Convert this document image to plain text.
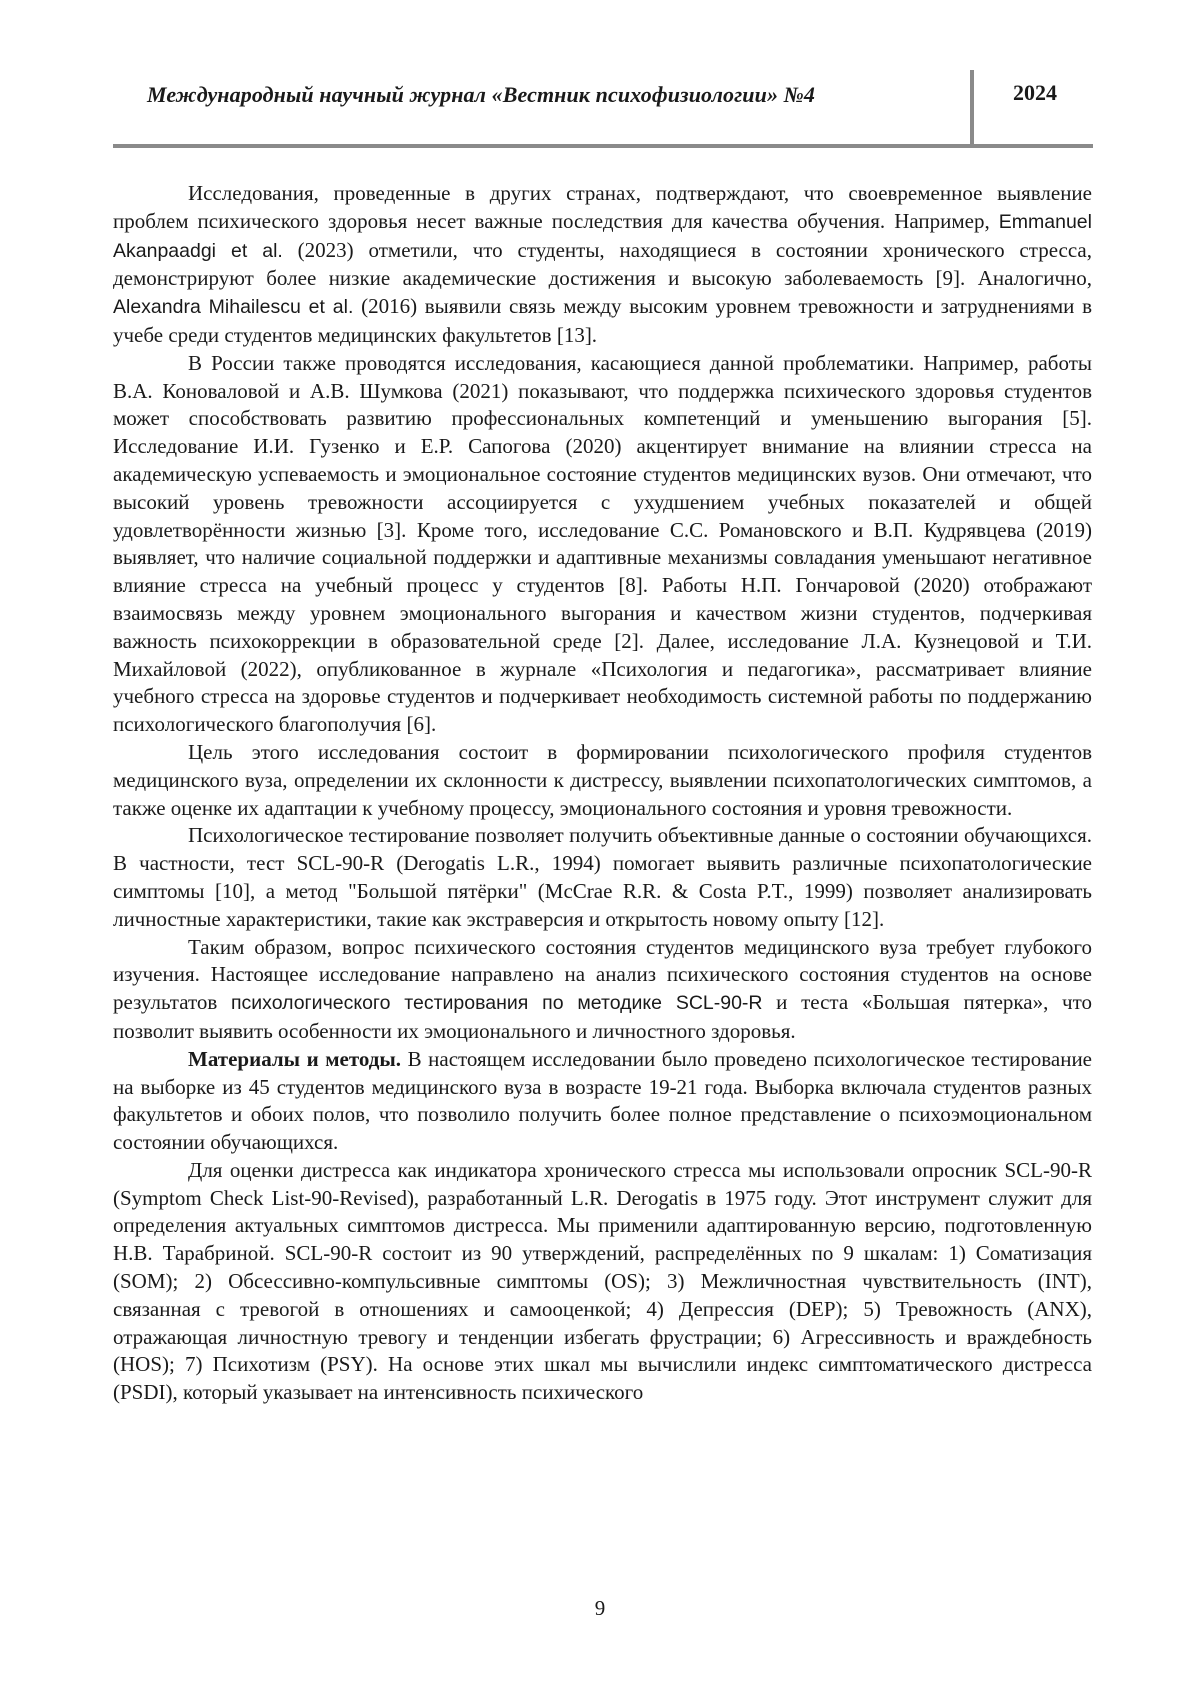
Международный научный журнал «Вестник психофизиологии» №4	2024

Исследования, проведенные в других странах, подтверждают, что своевременное выявление проблем психического здоровья несет важные последствия для качества обучения. Например, Emmanuel Akanpaadgi et al. (2023) отметили, что студенты, находящиеся в состоянии хронического стресса, демонстрируют более низкие академические достижения и высокую заболеваемость [9]. Аналогично, Alexandra Mihailescu et al. (2016) выявили связь между высоким уровнем тревожности и затруднениями в учебе среди студентов медицинских факультетов [13].

В России также проводятся исследования, касающиеся данной проблематики. Например, работы В.А. Коноваловой и А.В. Шумкова (2021) показывают, что поддержка психического здоровья студентов может способствовать развитию профессиональных компетенций и уменьшению выгорания [5]. Исследование И.И. Гузенко и Е.Р. Сапогова (2020) акцентирует внимание на влиянии стресса на академическую успеваемость и эмоциональное состояние студентов медицинских вузов. Они отмечают, что высокий уровень тревожности ассоциируется с ухудшением учебных показателей и общей удовлетворённости жизнью [3]. Кроме того, исследование С.С. Романовского и В.П. Кудрявцева (2019) выявляет, что наличие социальной поддержки и адаптивные механизмы совладания уменьшают негативное влияние стресса на учебный процесс у студентов [8]. Работы Н.П. Гончаровой (2020) отображают взаимосвязь между уровнем эмоционального выгорания и качеством жизни студентов, подчеркивая важность психокоррекции в образовательной среде [2]. Далее, исследование Л.А. Кузнецовой и Т.И. Михайловой (2022), опубликованное в журнале «Психология и педагогика», рассматривает влияние учебного стресса на здоровье студентов и подчеркивает необходимость системной работы по поддержанию психологического благополучия [6].

Цель этого исследования состоит в формировании психологического профиля студентов медицинского вуза, определении их склонности к дистрессу, выявлении психопатологических симптомов, а также оценке их адаптации к учебному процессу, эмоционального состояния и уровня тревожности.

Психологическое тестирование позволяет получить объективные данные о состоянии обучающихся. В частности, тест SCL-90-R (Derogatis L.R., 1994) помогает выявить различные психопатологические симптомы [10], а метод "Большой пятёрки" (McCrae R.R. & Costa P.T., 1999) позволяет анализировать личностные характеристики, такие как экстраверсия и открытость новому опыту [12].

Таким образом, вопрос психического состояния студентов медицинского вуза требует глубокого изучения. Настоящее исследование направлено на анализ психического состояния студентов на основе результатов психологического тестирования по методике SCL-90-R и теста «Большая пятерка», что позволит выявить особенности их эмоционального и личностного здоровья.

Материалы и методы. В настоящем исследовании было проведено психологическое тестирование на выборке из 45 студентов медицинского вуза в возрасте 19-21 года. Выборка включала студентов разных факультетов и обоих полов, что позволило получить более полное представление о психоэмоциональном состоянии обучающихся.

Для оценки дистресса как индикатора хронического стресса мы использовали опросник SCL-90-R (Symptom Check List-90-Revised), разработанный L.R. Derogatis в 1975 году. Этот инструмент служит для определения актуальных симптомов дистресса. Мы применили адаптированную версию, подготовленную Н.В. Тарабриной. SCL-90-R состоит из 90 утверждений, распределённых по 9 шкалам: 1) Соматизация (SOM); 2) Обсессивно-компульсивные симптомы (OS); 3) Межличностная чувствительность (INT), связанная с тревогой в отношениях и самооценкой; 4) Депрессия (DEP); 5) Тревожность (ANX), отражающая личностную тревогу и тенденции избегать фрустрации; 6) Агрессивность и враждебность (HOS); 7) Психотизм (PSY). На основе этих шкал мы вычислили индекс симптоматического дистресса (PSDI), который указывает на интенсивность психического

9
